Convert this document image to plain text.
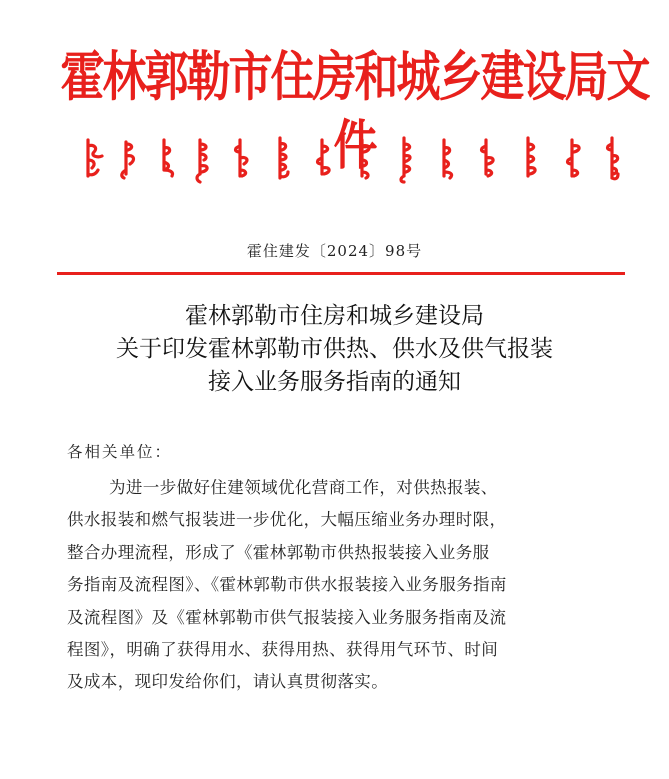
霍林郭勒市住房和城乡建设局文件
霍住建发〔2024〕98号
霍林郭勒市住房和城乡建设局
关于印发霍林郭勒市供热、供水及供气报装
接入业务服务指南的通知
各相关单位：
为进一步做好住建领域优化营商工作，对供热报装、
供水报装和燃气报装进一步优化，大幅压缩业务办理时限，
整合办理流程，形成了《霍林郭勒市供热报装接入业务服
务指南及流程图》、《霍林郭勒市供水报装接入业务服务指南
及流程图》及《霍林郭勒市供气报装接入业务服务指南及流
程图》，明确了获得用水、获得用热、获得用气环节、时间
及成本，现印发给你们，请认真贯彻落实。
